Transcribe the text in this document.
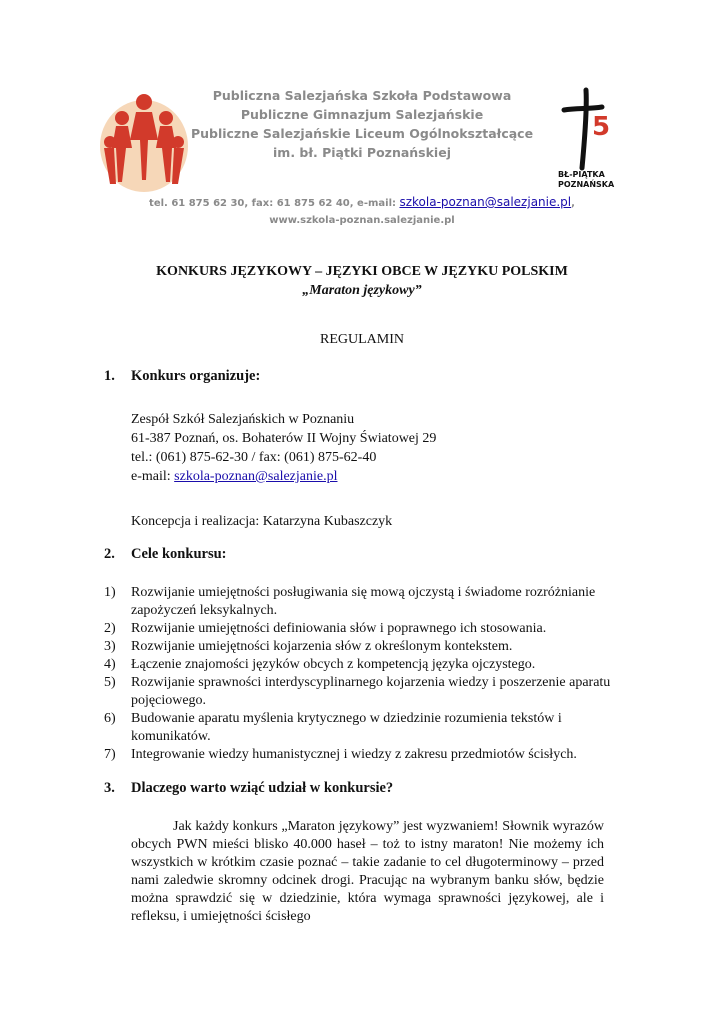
5
BŁ-PIĄTKA
POZNAŃSKA
Publiczna Salezjańska Szkoła Podstawowa
Publiczne Gimnazjum Salezjańskie
Publiczne Salezjańskie Liceum Ogólnokształcące
im. bł. Piątki Poznańskiej
tel. 61 875 62 30, fax: 61 875 62 40, e-mail: szkola-poznan@salezjanie.pl,
www.szkola-poznan.salezjanie.pl
KONKURS JĘZYKOWY – JĘZYKI OBCE W JĘZYKU POLSKIM
„Maraton językowy”
REGULAMIN
1. Konkurs organizuje:
Zespół Szkół Salezjańskich w Poznaniu
61-387 Poznań, os. Bohaterów II Wojny Światowej 29
tel.: (061) 875-62-30 / fax: (061) 875-62-40
e-mail: szkola-poznan@salezjanie.pl
Koncepcja i realizacja: Katarzyna Kubaszczyk
2. Cele konkursu:
1) Rozwijanie umiejętności posługiwania się mową ojczystą i świadome rozróżnianie zapożyczeń leksykalnych.
2) Rozwijanie umiejętności definiowania słów i poprawnego ich stosowania.
3) Rozwijanie umiejętności kojarzenia słów z określonym kontekstem.
4) Łączenie znajomości języków obcych z kompetencją języka ojczystego.
5) Rozwijanie sprawności interdyscyplinarnego kojarzenia wiedzy i poszerzenie aparatu pojęciowego.
6) Budowanie aparatu myślenia krytycznego w dziedzinie rozumienia tekstów i komunikatów.
7) Integrowanie wiedzy humanistycznej i wiedzy z zakresu przedmiotów ścisłych.
3. Dlaczego warto wziąć udział w konkursie?
Jak każdy konkurs „Maraton językowy” jest wyzwaniem! Słownik wyrazów obcych PWN mieści blisko 40.000 haseł – toż to istny maraton! Nie możemy ich wszystkich w krótkim czasie poznać – takie zadanie to cel długoterminowy – przed nami zaledwie skromny odcinek drogi. Pracując na wybranym banku słów, będzie można sprawdzić się w dziedzinie, która wymaga sprawności językowej, ale i refleksu, i umiejętności ścisłego
